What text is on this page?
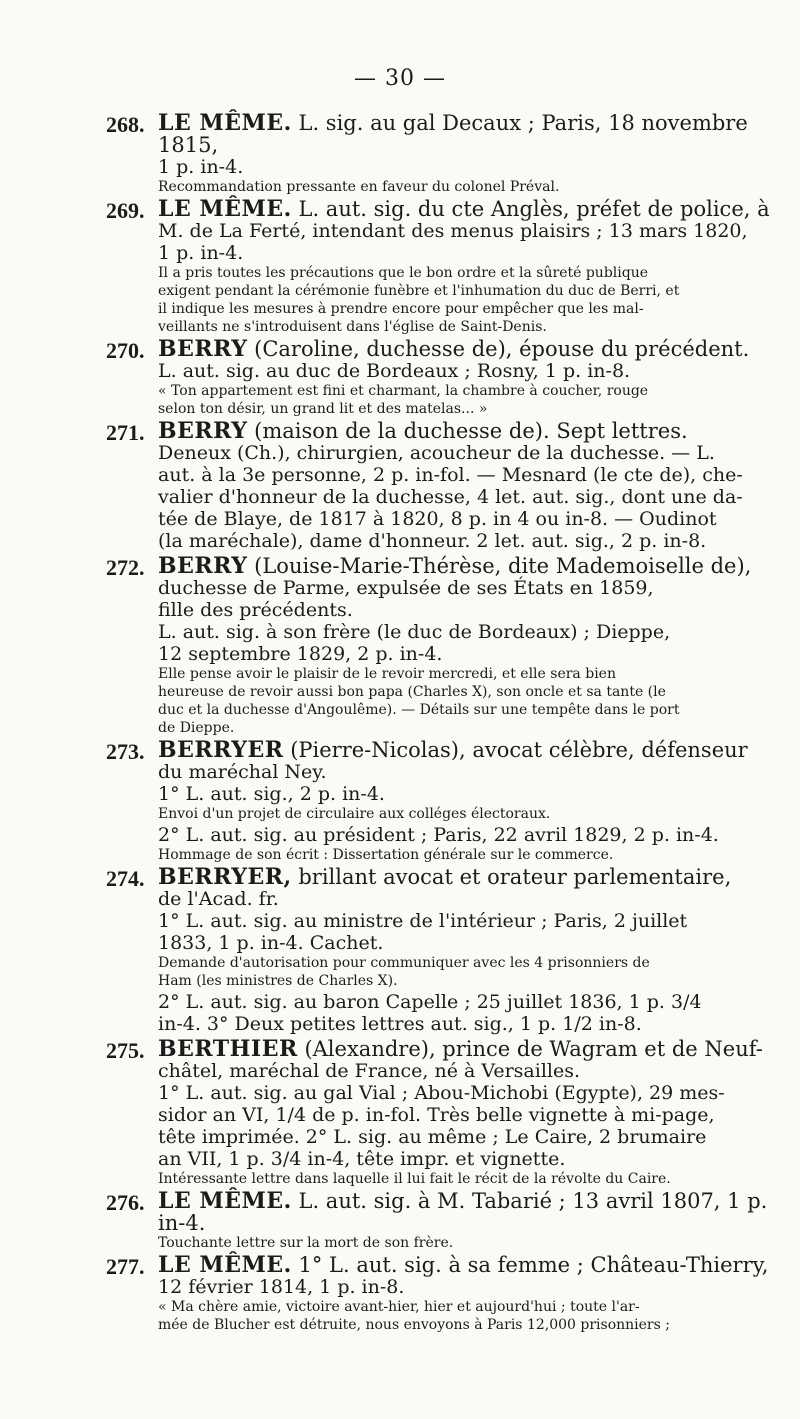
— 30 —
268. LE MÊME. L. sig. au gal Decaux ; Paris, 18 novembre 1815,

1 p. in-4.

Recommandation pressante en faveur du colonel Préval.

269. LE MÊME. L. aut. sig. du cte Anglès, préfet de police, à

M. de La Ferté, intendant des menus plaisirs ; 13 mars 1820,

1 p. in-4.

Il a pris toutes les précautions que le bon ordre et la sûreté publique

exigent pendant la cérémonie funèbre et l'inhumation du duc de Berri, et

il indique les mesures à prendre encore pour empêcher que les mal-

veillants ne s'introduisent dans l'église de Saint-Denis.

270. BERRY (Caroline, duchesse de), épouse du précédent.

L. aut. sig. au duc de Bordeaux ; Rosny, 1 p. in-8.

« Ton appartement est fini et charmant, la chambre à coucher, rouge

selon ton désir, un grand lit et des matelas... »

271. BERRY (maison de la duchesse de). Sept lettres.

Deneux (Ch.), chirurgien, acoucheur de la duchesse. — L.

aut. à la 3e personne, 2 p. in-fol. — Mesnard (le cte de), che-

valier d'honneur de la duchesse, 4 let. aut. sig., dont une da-

tée de Blaye, de 1817 à 1820, 8 p. in 4 ou in-8. — Oudinot

(la maréchale), dame d'honneur. 2 let. aut. sig., 2 p. in-8.

272. BERRY (Louise-Marie-Thérèse, dite Mademoiselle de),

duchesse de Parme, expulsée de ses États en 1859,

fille des précédents.

L. aut. sig. à son frère (le duc de Bordeaux) ; Dieppe,

12 septembre 1829, 2 p. in-4.

Elle pense avoir le plaisir de le revoir mercredi, et elle sera bien

heureuse de revoir aussi bon papa (Charles X), son oncle et sa tante (le

duc et la duchesse d'Angoulême). — Détails sur une tempête dans le port

de Dieppe.

273. BERRYER (Pierre-Nicolas), avocat célèbre, défenseur

du maréchal Ney.

1° L. aut. sig., 2 p. in-4.

Envoi d'un projet de circulaire aux colléges électoraux.

2° L. aut. sig. au président ; Paris, 22 avril 1829, 2 p. in-4.

Hommage de son écrit : Dissertation générale sur le commerce.

274. BERRYER, brillant avocat et orateur parlementaire,

de l'Acad. fr.

1° L. aut. sig. au ministre de l'intérieur ; Paris, 2 juillet

1833, 1 p. in-4. Cachet.

Demande d'autorisation pour communiquer avec les 4 prisonniers de

Ham (les ministres de Charles X).

2° L. aut. sig. au baron Capelle ; 25 juillet 1836, 1 p. 3/4

in-4. 3° Deux petites lettres aut. sig., 1 p. 1/2 in-8.

275. BERTHIER (Alexandre), prince de Wagram et de Neuf-

châtel, maréchal de France, né à Versailles.

1° L. aut. sig. au gal Vial ; Abou-Michobi (Egypte), 29 mes-

sidor an VI, 1/4 de p. in-fol. Très belle vignette à mi-page,

tête imprimée. 2° L. sig. au même ; Le Caire, 2 brumaire

an VII, 1 p. 3/4 in-4, tête impr. et vignette.

Intéressante lettre dans laquelle il lui fait le récit de la révolte du Caire.

276. LE MÊME. L. aut. sig. à M. Tabarié ; 13 avril 1807, 1 p. in-4.

Touchante lettre sur la mort de son frère.

277. LE MÊME. 1° L. aut. sig. à sa femme ; Château-Thierry,

12 février 1814, 1 p. in-8.

« Ma chère amie, victoire avant-hier, hier et aujourd'hui ; toute l'ar-

mée de Blucher est détruite, nous envoyons à Paris 12,000 prisonniers ;
